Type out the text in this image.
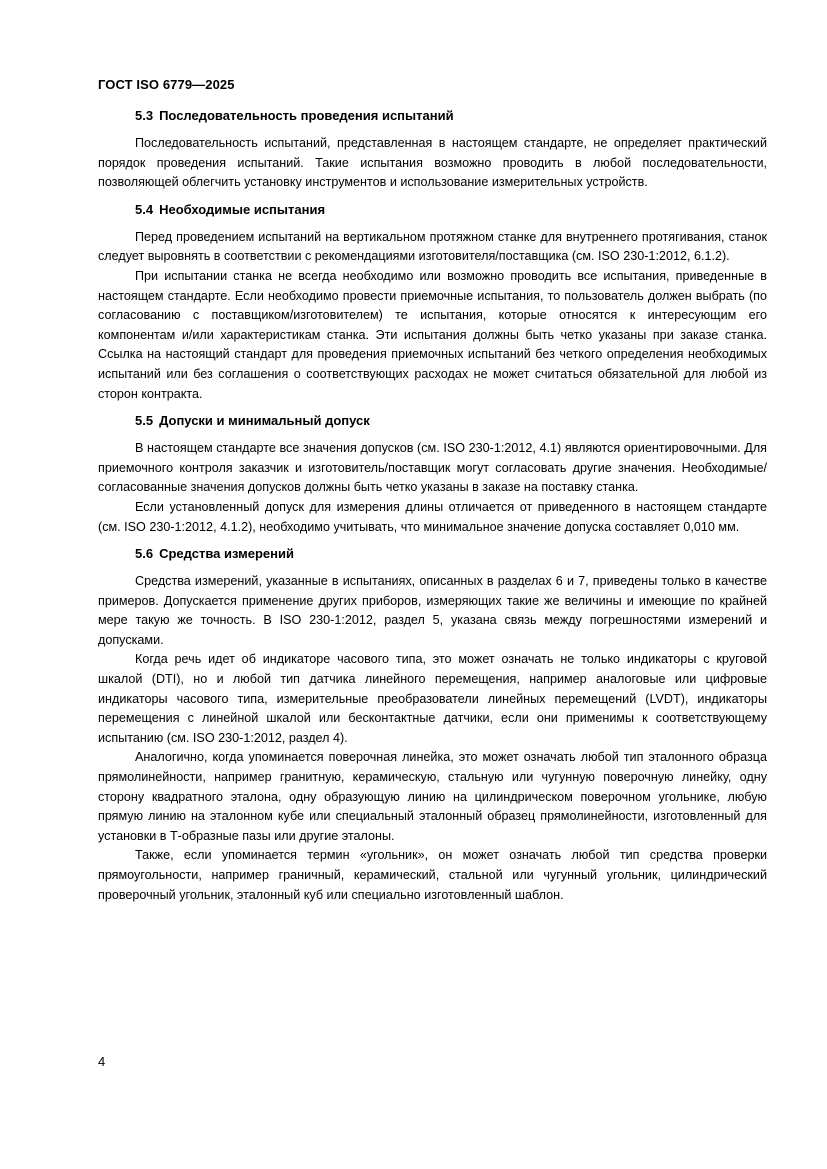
ГОСТ ISO 6779—2025
5.3 Последовательность проведения испытаний

Последовательность испытаний, представленная в настоящем стандарте, не определяет практический порядок проведения испытаний. Такие испытания возможно проводить в любой последовательности, позволяющей облегчить установку инструментов и использование измерительных устройств.

5.4 Необходимые испытания

Перед проведением испытаний на вертикальном протяжном станке для внутреннего протягивания, станок следует выровнять в соответствии с рекомендациями изготовителя/поставщика (см. ISO 230-1:2012, 6.1.2).

При испытании станка не всегда необходимо или возможно проводить все испытания, приведенные в настоящем стандарте. Если необходимо провести приемочные испытания, то пользователь должен выбрать (по согласованию с поставщиком/изготовителем) те испытания, которые относятся к интересующим его компонентам и/или характеристикам станка. Эти испытания должны быть четко указаны при заказе станка. Ссылка на настоящий стандарт для проведения приемочных испытаний без четкого определения необходимых испытаний или без соглашения о соответствующих расходах не может считаться обязательной для любой из сторон контракта.

5.5 Допуски и минимальный допуск

В настоящем стандарте все значения допусков (см. ISO 230-1:2012, 4.1) являются ориентировочными. Для приемочного контроля заказчик и изготовитель/поставщик могут согласовать другие значения. Необходимые/согласованные значения допусков должны быть четко указаны в заказе на поставку станка.

Если установленный допуск для измерения длины отличается от приведенного в настоящем стандарте (см. ISO 230-1:2012, 4.1.2), необходимо учитывать, что минимальное значение допуска составляет 0,010 мм.

5.6 Средства измерений

Средства измерений, указанные в испытаниях, описанных в разделах 6 и 7, приведены только в качестве примеров. Допускается применение других приборов, измеряющих такие же величины и имеющие по крайней мере такую же точность. В ISO 230-1:2012, раздел 5, указана связь между погрешностями измерений и допусками.

Когда речь идет об индикаторе часового типа, это может означать не только индикаторы с круговой шкалой (DTI), но и любой тип датчика линейного перемещения, например аналоговые или цифровые индикаторы часового типа, измерительные преобразователи линейных перемещений (LVDT), индикаторы перемещения с линейной шкалой или бесконтактные датчики, если они применимы к соответствующему испытанию (см. ISO 230-1:2012, раздел 4).

Аналогично, когда упоминается поверочная линейка, это может означать любой тип эталонного образца прямолинейности, например гранитную, керамическую, стальную или чугунную поверочную линейку, одну сторону квадратного эталона, одну образующую линию на цилиндрическом поверочном угольнике, любую прямую линию на эталонном кубе или специальный эталонный образец прямолинейности, изготовленный для установки в Т-образные пазы или другие эталоны.

Также, если упоминается термин «угольник», он может означать любой тип средства проверки прямоугольности, например граничный, керамический, стальной или чугунный угольник, цилиндрический проверочный угольник, эталонный куб или специально изготовленный шаблон.

4
